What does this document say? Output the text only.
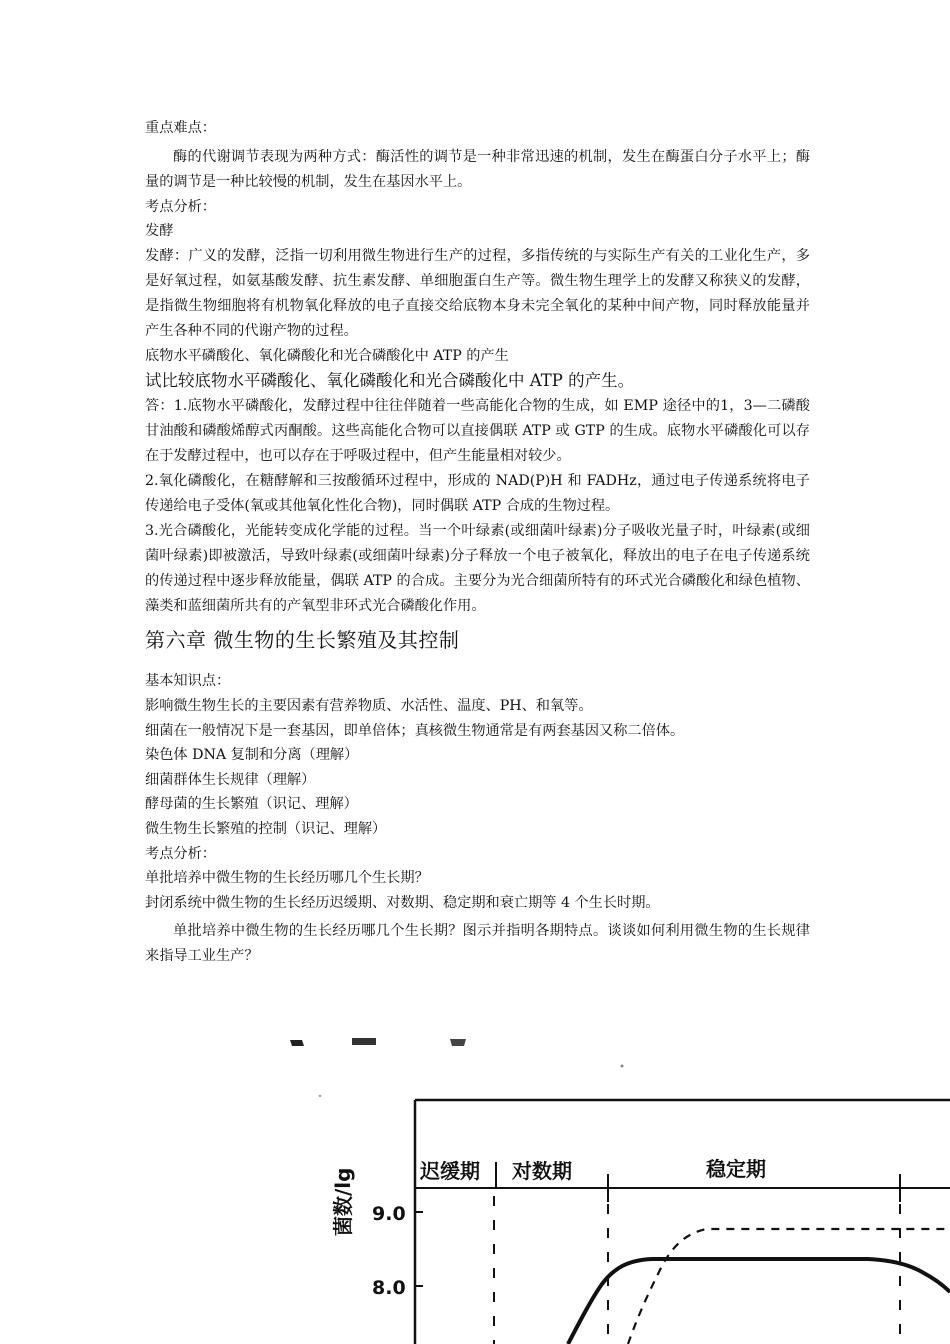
重点难点：

酶的代谢调节表现为两种方式：酶活性的调节是一种非常迅速的机制，发生在酶蛋白分子水平上；酶量的调节是一种比较慢的机制，发生在基因水平上。

考点分析：
发酵

发酵：广义的发酵，泛指一切利用微生物进行生产的过程，多指传统的与实际生产有关的工业化生产，多是好氧过程，如氨基酸发酵、抗生素发酵、单细胞蛋白生产等。微生物生理学上的发酵又称狭义的发酵，是指微生物细胞将有机物氧化释放的电子直接交给底物本身未完全氧化的某种中间产物，同时释放能量并产生各种不同的代谢产物的过程。

底物水平磷酸化、氧化磷酸化和光合磷酸化中 ATP 的产生
试比较底物水平磷酸化、氧化磷酸化和光合磷酸化中 ATP 的产生。

答：1.底物水平磷酸化，发酵过程中往往伴随着一些高能化合物的生成，如 EMP 途径中的1，3—二磷酸甘油酸和磷酸烯醇式丙酮酸。这些高能化合物可以直接偶联 ATP 或 GTP 的生成。底物水平磷酸化可以存在于发酵过程中，也可以存在于呼吸过程中，但产生能量相对较少。

2.氧化磷酸化，在糖酵解和三按酸循环过程中，形成的 NAD(P)H 和 FADHz，通过电子传递系统将电子传递给电子受体(氧或其他氧化性化合物)，同时偶联 ATP 合成的生物过程。

3.光合磷酸化，光能转变成化学能的过程。当一个叶绿素(或细菌叶绿素)分子吸收光量子时，叶绿素(或细菌叶绿素)即被激活，导致叶绿素(或细菌叶绿素)分子释放一个电子被氧化，释放出的电子在电子传递系统的传递过程中逐步释放能量，偶联 ATP 的合成。主要分为光合细菌所特有的环式光合磷酸化和绿色植物、藻类和蓝细菌所共有的产氧型非环式光合磷酸化作用。

第六章 微生物的生长繁殖及其控制
基本知识点：
影响微生物生长的主要因素有营养物质、水活性、温度、PH、和氧等。
细菌在一般情况下是一套基因，即单倍体；真核微生物通常是有两套基因又称二倍体。
染色体 DNA 复制和分离（理解）
细菌群体生长规律（理解）
酵母菌的生长繁殖（识记、理解）
微生物生长繁殖的控制（识记、理解）
考点分析：
单批培养中微生物的生长经历哪几个生长期？
封闭系统中微生物的生长经历迟缓期、对数期、稳定期和衰亡期等 4 个生长时期。

单批培养中微生物的生长经历哪几个生长期？图示并指明各期特点。谈谈如何利用微生物的生长规律来指导工业生产？

菌数/lg 9.0
8.0
迟缓期 对数期	稳定期
